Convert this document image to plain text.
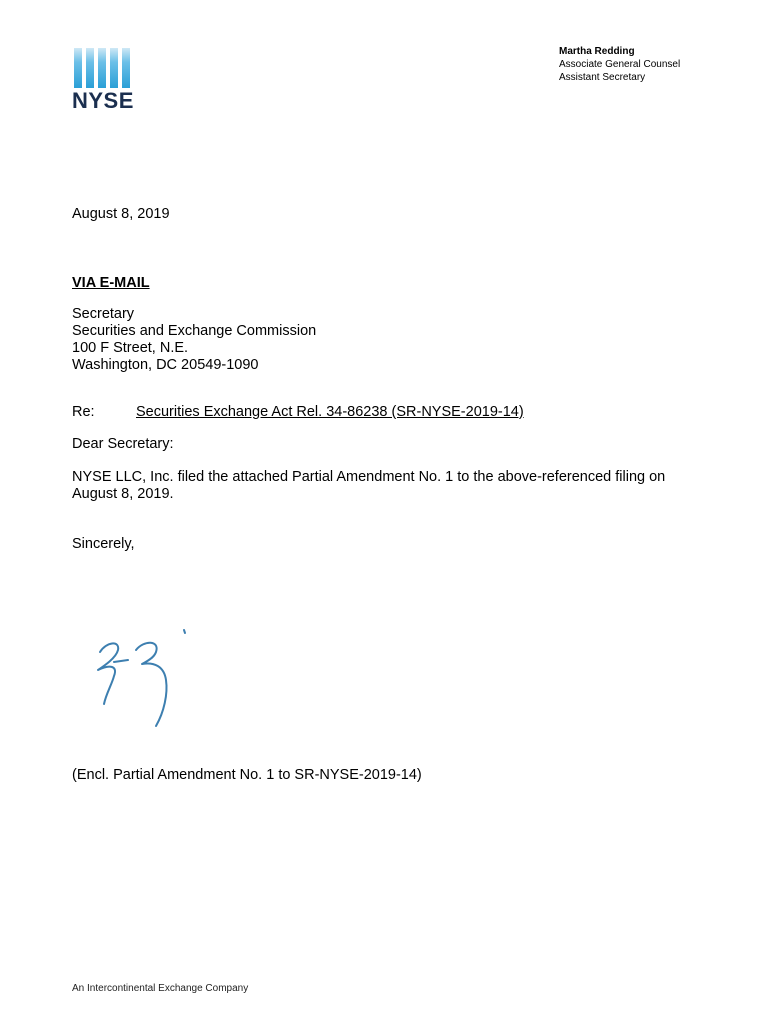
NYSE
Martha Redding
Associate General Counsel
Assistant Secretary
August 8, 2019
VIA E-MAIL
Secretary
Securities and Exchange Commission
100 F Street, N.E.
Washington, DC 20549-1090
Re:	Securities Exchange Act Rel. 34-86238 (SR-NYSE-2019-14)
Dear Secretary:
NYSE LLC, Inc. filed the attached Partial Amendment No. 1 to the above-referenced filing on
August 8, 2019.
Sincerely,
(Encl. Partial Amendment No. 1 to SR-NYSE-2019-14)
An Intercontinental Exchange Company
